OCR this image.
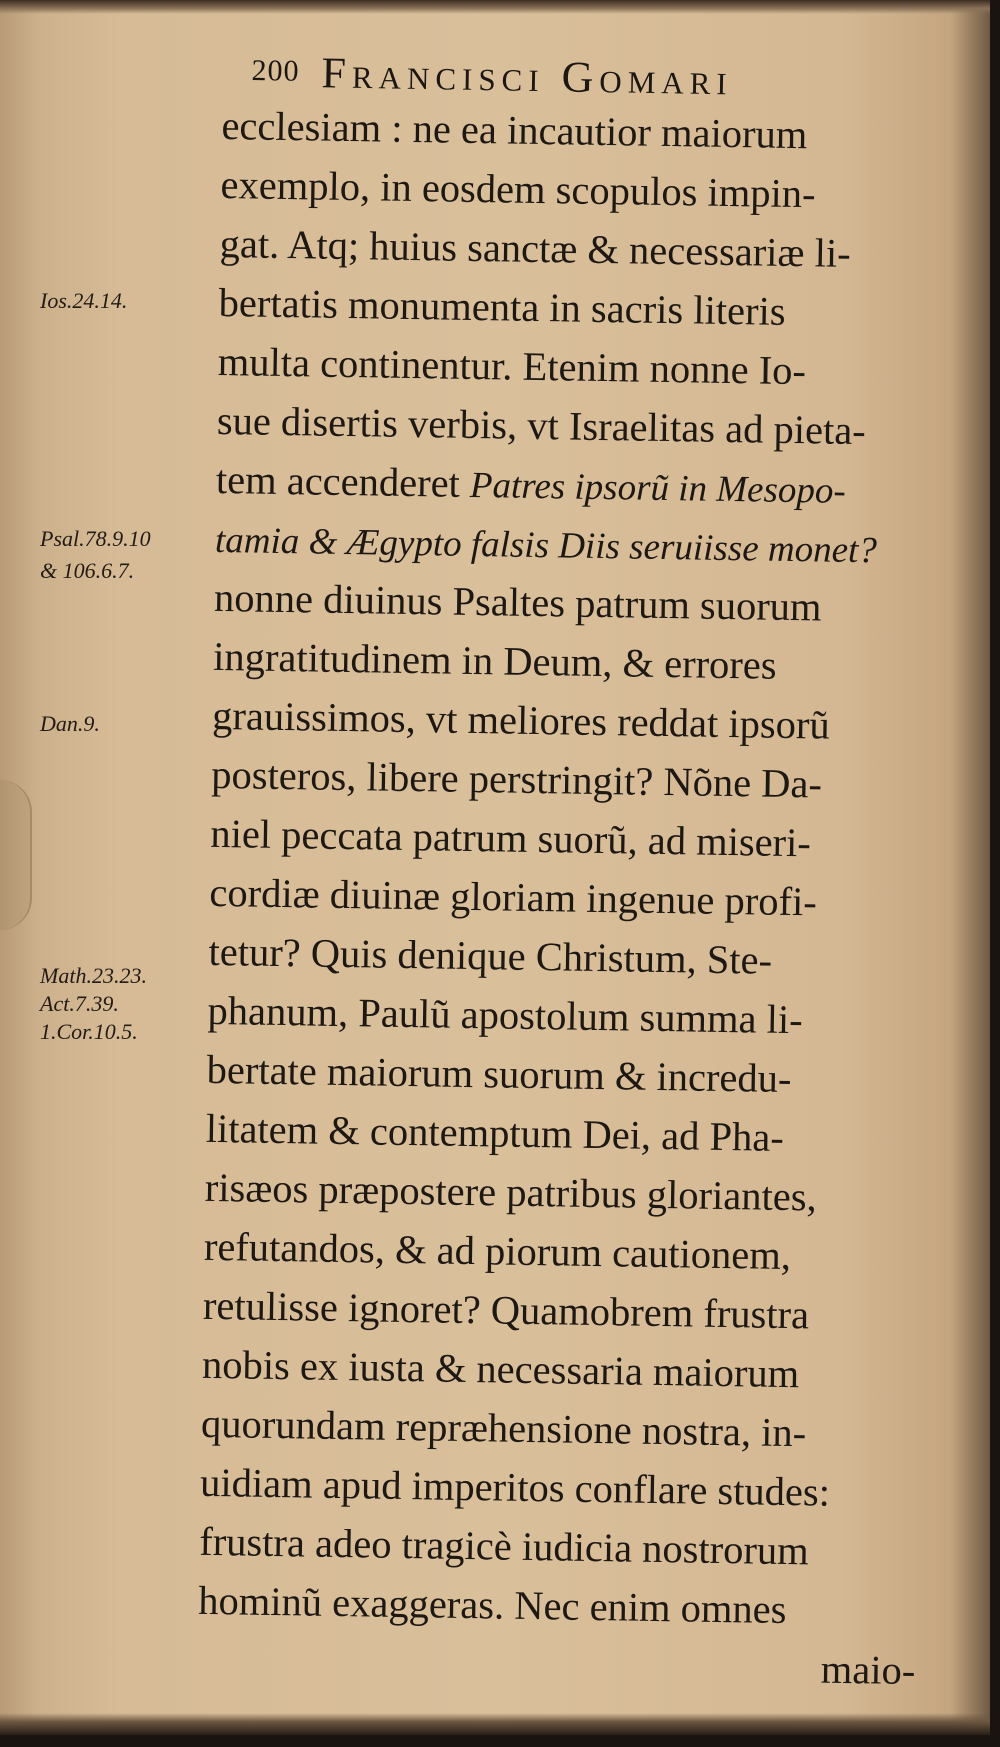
200 Francisci Gomari
Ios.24.14.
Psal.78.9.10
& 106.6.7.
Dan.9.
Math.23.23.
Act.7.39.
1.Cor.10.5.
ecclesiam : ne ea incautior maiorum
exemplo, in eosdem scopulos impin-
gat. Atq; huius sanctæ & necessariæ li-
bertatis monumenta in sacris literis
multa continentur. Etenim nonne Io-
sue disertis verbis, vt Israelitas ad pieta-
tem accenderet Patres ipsorũ in Mesopo-
tamia & Ægypto falsis Diis seruiisse monet?
nonne diuinus Psaltes patrum suorum
ingratitudinem in Deum, & errores
grauissimos, vt meliores reddat ipsorũ
posteros, libere perstringit? Nõne Da-
niel peccata patrum suorũ, ad miseri-
cordiæ diuinæ gloriam ingenue profi-
tetur? Quis denique Christum, Ste-
phanum, Paulũ apostolum summa li-
bertate maiorum suorum & incredu-
litatem & contemptum Dei, ad Pha-
risæos præpostere patribus gloriantes,
refutandos, & ad piorum cautionem,
retulisse ignoret? Quamobrem frustra
nobis ex iusta & necessaria maiorum
quorundam repræhensione nostra, in-
uidiam apud imperitos conflare studes:
frustra adeo tragicè iudicia nostrorum
hominũ exaggeras. Nec enim omnes
maio-
